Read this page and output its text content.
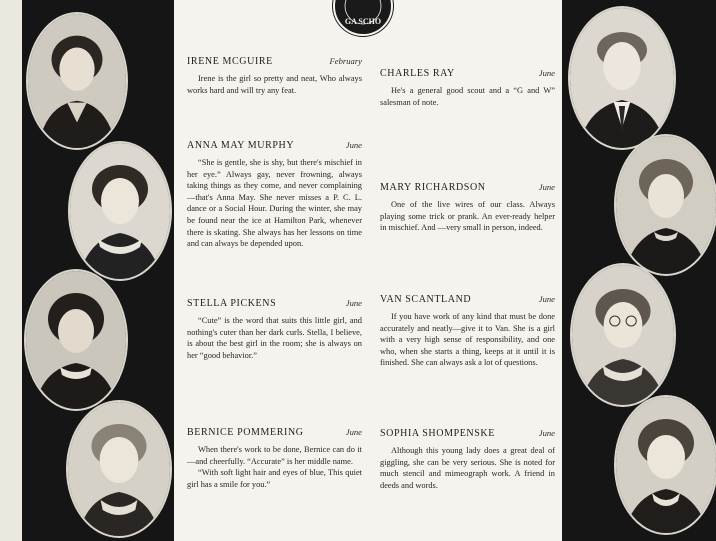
GA SCHO
IRENE MCGUIRE	February

Irene is the girl so pretty and neat, Who always works hard and will try any feat.

ANNA MAY MURPHY	June

“She is gentle, she is shy, but there's mischief in her eye.” Always gay, never frowning, always taking things as they come, and never complaining—that's Anna May. She never misses a P. C. L. dance or a Social Hour. During the winter, she may be found near the ice at Hamilton Park, whenever there is skating. She always has her lessons on time and can always be depended upon.

STELLA PICKENS	June

“Cute” is the word that suits this little girl, and nothing's cuter than her dark curls. Stella, I believe, is about the best girl in the room; she is always on her “good behavior.”

BERNICE POMMERING	June

When there's work to be done, Bernice can do it—and cheerfully. “Accurate” is her middle name.

“With soft light hair and eyes of blue, This quiet girl has a smile for you.”

CHARLES RAY	June

He's a general good scout and a “G and W” salesman of note.

MARY RICHARDSON	June

One of the live wires of our class. Always playing some trick or prank. An ever-ready helper in mischief. And —very small in person, indeed.

VAN SCANTLAND	June

If you have work of any kind that must be done accurately and neatly—give it to Van. She is a girl with a very high sense of responsibility, and one who, when she starts a thing, keeps at it until it is finished. She can always ask a lot of questions.

SOPHIA SHOMPENSKE	June

Although this young lady does a great deal of giggling, she can be very serious. She is noted for much stencil and mimeograph work. A friend in deeds and words.
